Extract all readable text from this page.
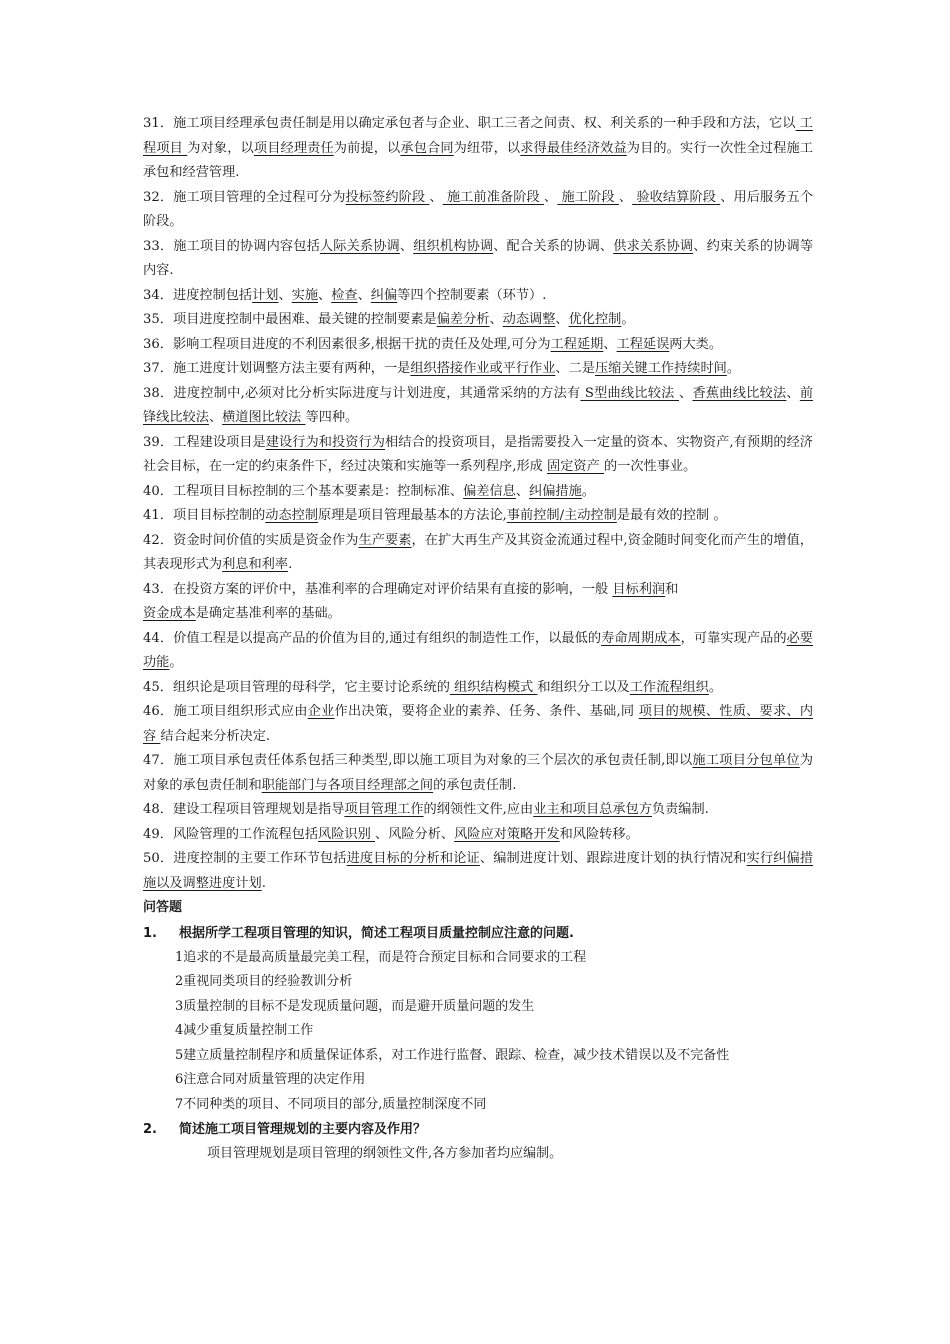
31．施工项目经理承包责任制是用以确定承包者与企业、职工三者之间责、权、利关系的一种手段和方法，它以 工程项目 为对象，以项目经理责任为前提，以承包合同为纽带，以求得最佳经济效益为目的。实行一次性全过程施工承包和经营管理.

32．施工项目管理的全过程可分为投标签约阶段 、 施工前准备阶段 、 施工阶段 、 验收结算阶段 、用后服务五个阶段。

33．施工项目的协调内容包括人际关系协调、组织机构协调、配合关系的协调、供求关系协调、约束关系的协调等内容.

34．进度控制包括计划、实施、检查、纠偏等四个控制要素（环节）.

35．项目进度控制中最困难、最关键的控制要素是偏差分析、动态调整、优化控制。

36．影响工程项目进度的不利因素很多,根据干扰的责任及处理,可分为工程延期、工程延误两大类。

37．施工进度计划调整方法主要有两种，一是组织搭接作业或平行作业、二是压缩关键工作持续时间。

38．进度控制中,必须对比分析实际进度与计划进度，其通常采纳的方法有 S型曲线比较法 、香蕉曲线比较法、前锋线比较法、横道图比较法 等四种。

39．工程建设项目是建设行为和投资行为相结合的投资项目，是指需要投入一定量的资本、实物资产,有预期的经济社会目标，在一定的约束条件下，经过决策和实施等一系列程序,形成 固定资产 的一次性事业。

40．工程项目目标控制的三个基本要素是：控制标准、偏差信息、纠偏措施。

41．项目目标控制的动态控制原理是项目管理最基本的方法论,事前控制/主动控制是最有效的控制 。

42．资金时间价值的实质是资金作为生产要素，在扩大再生产及其资金流通过程中,资金随时间变化而产生的增值，其表现形式为利息和利率.

43．在投资方案的评价中，基准利率的合理确定对评价结果有直接的影响，一般 目标利润和
资金成本是确定基准利率的基础。

44．价值工程是以提高产品的价值为目的,通过有组织的制造性工作，以最低的寿命周期成本，可靠实现产品的必要功能。

45．组织论是项目管理的母科学，它主要讨论系统的 组织结构模式 和组织分工以及工作流程组织。

46．施工项目组织形式应由企业作出决策，要将企业的素养、任务、条件、基础,同 项目的规模、性质、要求、内容 结合起来分析决定.

47．施工项目承包责任体系包括三种类型,即以施工项目为对象的三个层次的承包责任制,即以施工项目分包单位为对象的承包责任制和职能部门与各项目经理部之间的承包责任制.

48．建设工程项目管理规划是指导项目管理工作的纲领性文件,应由业主和项目总承包方负责编制.

49．风险管理的工作流程包括风险识别 、风险分析、风险应对策略开发和风险转移。

50．进度控制的主要工作环节包括进度目标的分析和论证、编制进度计划、跟踪进度计划的执行情况和实行纠偏措施以及调整进度计划.

问答题

1.	根据所学工程项目管理的知识，简述工程项目质量控制应注意的问题.

1追求的不是最高质量最完美工程，而是符合预定目标和合同要求的工程

2重视同类项目的经验教训分析

3质量控制的目标不是发现质量问题，而是避开质量问题的发生

4减少重复质量控制工作

5建立质量控制程序和质量保证体系，对工作进行监督、跟踪、检查，减少技术错误以及不完备性

6注意合同对质量管理的决定作用

7不同种类的项目、不同项目的部分,质量控制深度不同

2.	简述施工项目管理规划的主要内容及作用？

项目管理规划是项目管理的纲领性文件,各方参加者均应编制。
